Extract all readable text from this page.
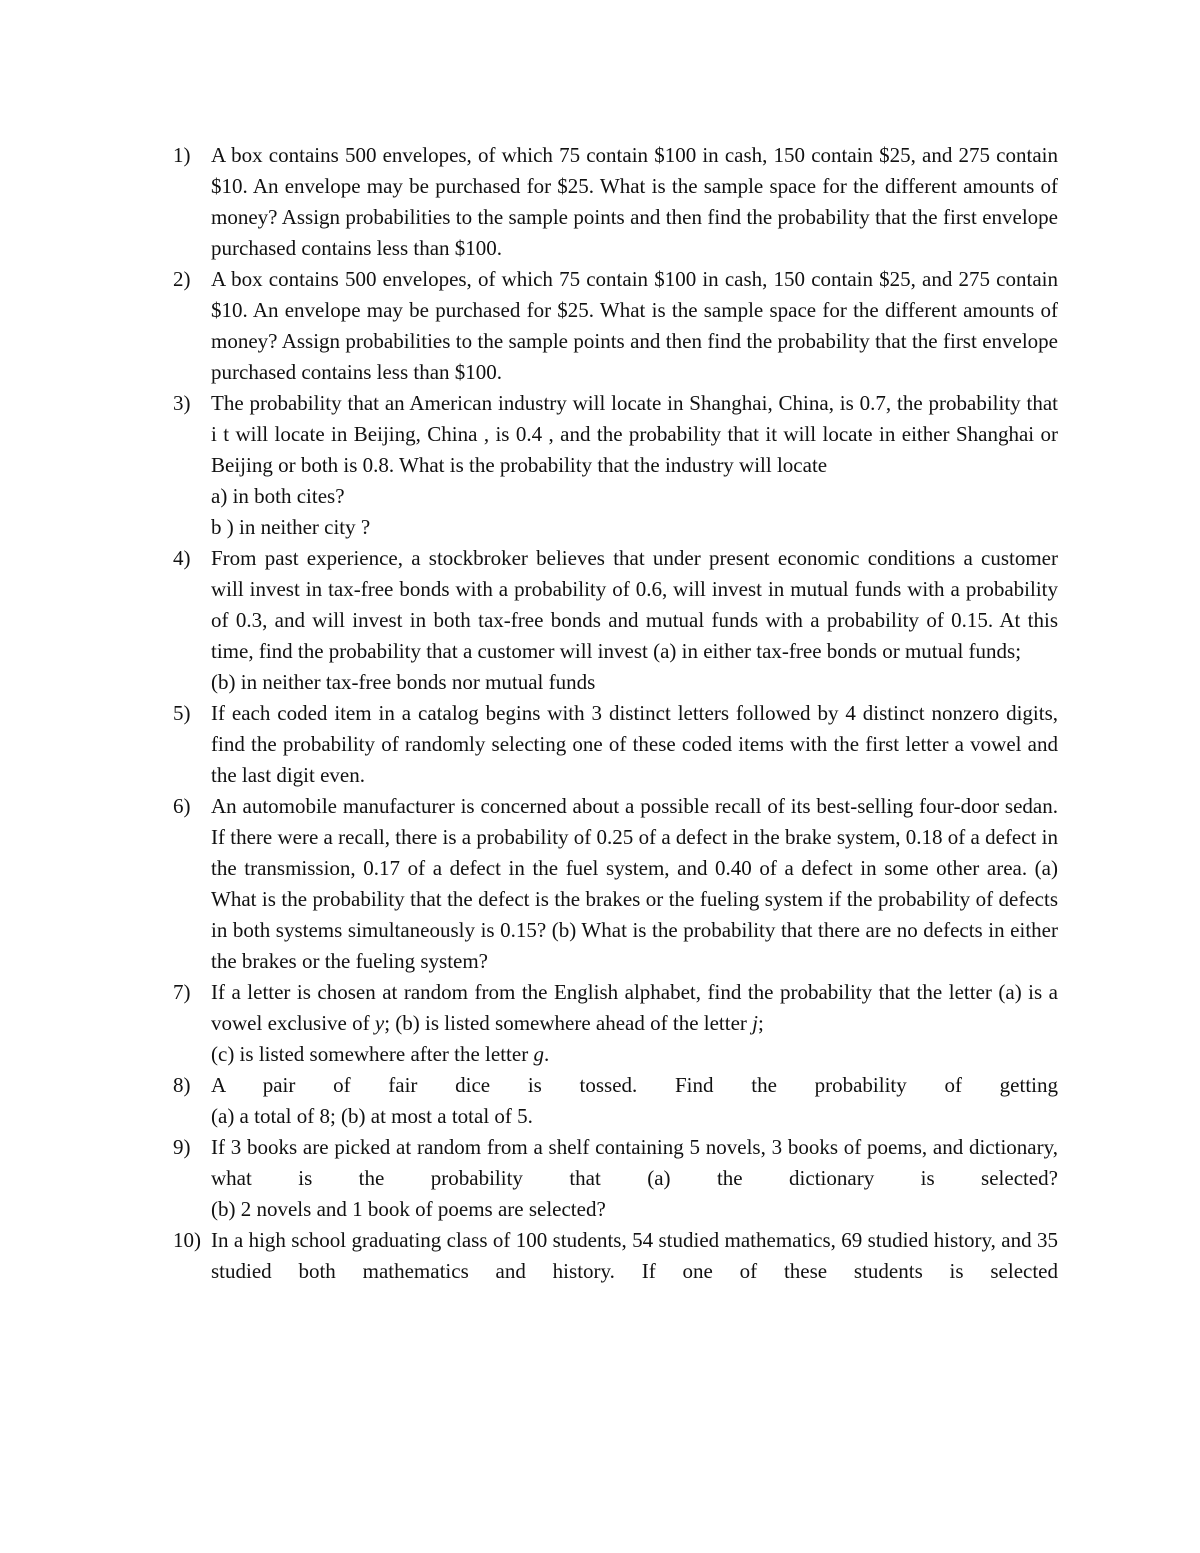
1) A box contains 500 envelopes, of which 75 contain $100 in cash, 150 contain $25, and 275 contain $10. An envelope may be purchased for $25. What is the sample space for the different amounts of money? Assign probabilities to the sample points and then find the probability that the first envelope purchased contains less than $100.
2) A box contains 500 envelopes, of which 75 contain $100 in cash, 150 contain $25, and 275 contain $10. An envelope may be purchased for $25. What is the sample space for the different amounts of money? Assign probabilities to the sample points and then find the probability that the first envelope purchased contains less than $100.
3) The probability that an American industry will locate in Shanghai, China, is 0.7, the probability that i t will locate in Beijing, China , is 0.4 , and the probability that it will locate in either Shanghai or Beijing or both is 0.8. What is the probability that the industry will locate
a) in both cites?
b ) in neither city ?
4) From past experience, a stockbroker believes that under present economic conditions a customer will invest in tax-free bonds with a probability of 0.6, will invest in mutual funds with a probability of 0.3, and will invest in both tax-free bonds and mutual funds with a probability of 0.15. At this time, find the probability that a customer will invest (a) in either tax-free bonds or mutual funds;
(b) in neither tax-free bonds nor mutual funds
5) If each coded item in a catalog begins with 3 distinct letters followed by 4 distinct nonzero digits, find the probability of randomly selecting one of these coded items with the first letter a vowel and the last digit even.
6) An automobile manufacturer is concerned about a possible recall of its best-selling four-door sedan. If there were a recall, there is a probability of 0.25 of a defect in the brake system, 0.18 of a defect in the transmission, 0.17 of a defect in the fuel system, and 0.40 of a defect in some other area. (a) What is the probability that the defect is the brakes or the fueling system if the probability of defects in both systems simultaneously is 0.15? (b) What is the probability that there are no defects in either the brakes or the fueling system?
7) If a letter is chosen at random from the English alphabet, find the probability that the letter (a) is a vowel exclusive of y; (b) is listed somewhere ahead of the letter j;
(c) is listed somewhere after the letter g.
8) A pair of fair dice is tossed. Find the probability of getting
(a) a total of 8; (b) at most a total of 5.
9) If 3 books are picked at random from a shelf containing 5 novels, 3 books of poems, and dictionary, what is the probability that (a) the dictionary is selected?
(b) 2 novels and 1 book of poems are selected?
10) In a high school graduating class of 100 students, 54 studied mathematics, 69 studied history, and 35 studied both mathematics and history. If one of these students is selected
